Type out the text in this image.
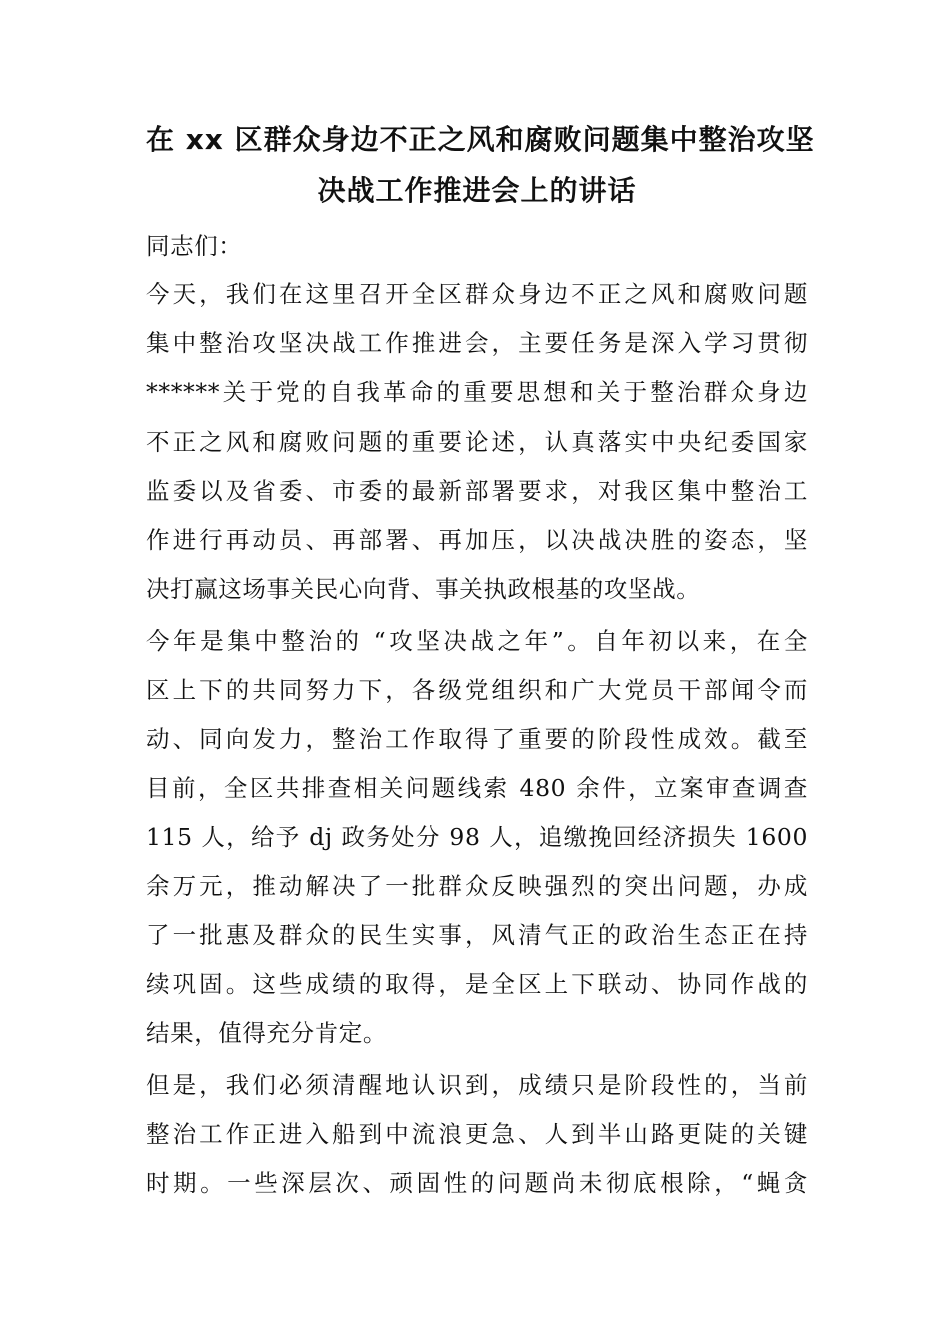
在 xx 区群众身边不正之风和腐败问题集中整治攻坚
决战工作推进会上的讲话
同志们：
今天，我们在这里召开全区群众身边不正之风和腐败问题
集中整治攻坚决战工作推进会，主要任务是深入学习贯彻
******关于党的自我革命的重要思想和关于整治群众身边
不正之风和腐败问题的重要论述，认真落实中央纪委国家
监委以及省委、市委的最新部署要求，对我区集中整治工
作进行再动员、再部署、再加压，以决战决胜的姿态，坚
决打赢这场事关民心向背、事关执政根基的攻坚战。
今年是集中整治的 “攻坚决战之年”。自年初以来，在全
区上下的共同努力下，各级党组织和广大党员干部闻令而
动、同向发力，整治工作取得了重要的阶段性成效。截至
目前，全区共排查相关问题线索 480 余件，立案审查调查
115 人，给予 dj 政务处分 98 人，追缴挽回经济损失 1600
余万元，推动解决了一批群众反映强烈的突出问题，办成
了一批惠及群众的民生实事，风清气正的政治生态正在持
续巩固。这些成绩的取得，是全区上下联动、协同作战的
结果，值得充分肯定。
但是，我们必须清醒地认识到，成绩只是阶段性的，当前
整治工作正进入船到中流浪更急、人到半山路更陡的关键
时期。一些深层次、顽固性的问题尚未彻底根除，“蝇贪
